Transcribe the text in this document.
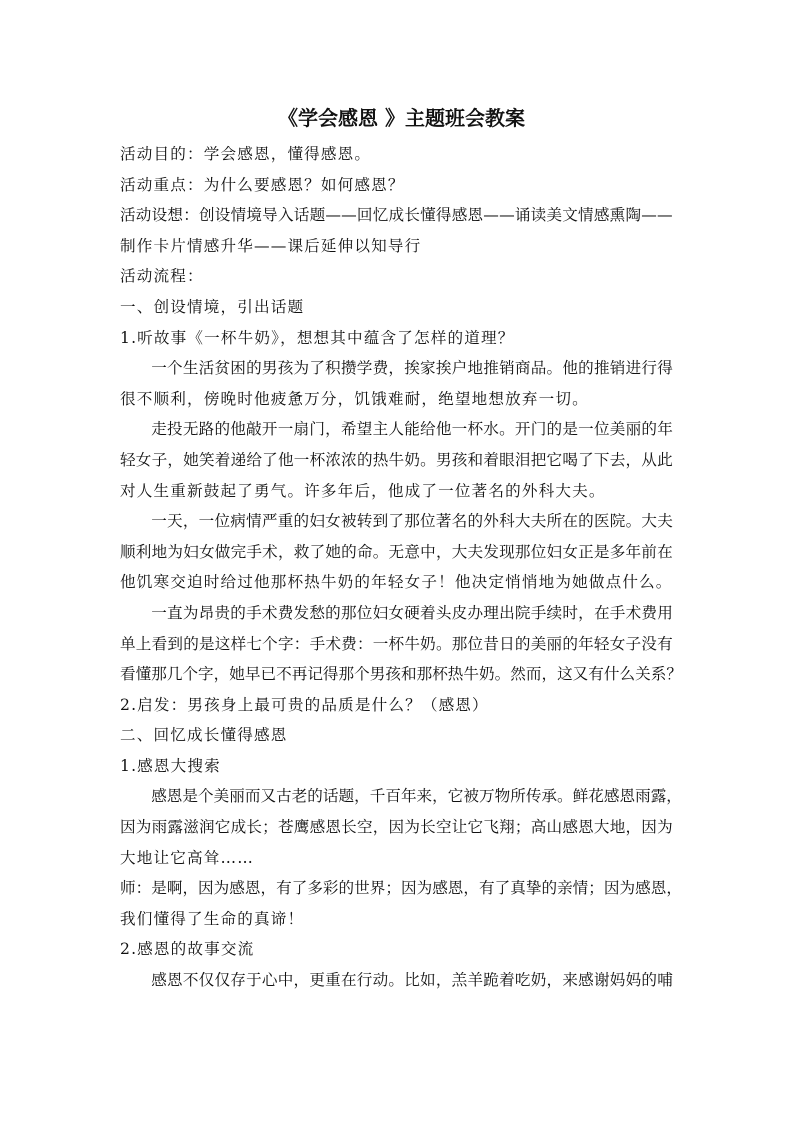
《学会感恩 》主题班会教案
活动目的：学会感恩，懂得感恩。
活动重点：为什么要感恩？如何感恩？
活 动 设 想 ： 创 设 情 境 导 入 话 题 — — 回 忆 成 长 懂 得 感 恩 — — 诵 读 美 文 情 感 熏 陶 — —
制作卡片情感升华——课后延伸以知导行
活动流程：
一、创设情境，引出话题
1.听故事《一杯牛奶》，想想其中蕴含了怎样的道理？
一 个 生 活 贫 困 的 男 孩 为 了 积 攒 学 费 ， 挨 家 挨 户 地 推 销 商 品 。 他 的 推 销 进 行 得
很不顺利，傍晚时他疲惫万分，饥饿难耐，绝望地想放弃一切。
走 投 无 路 的 他 敲 开 一 扇 门 ， 希 望 主 人 能 给 他 一 杯 水 。 开 门 的 是 一 位 美 丽 的 年
轻 女 子 ， 她 笑 着 递 给 了 他 一 杯 浓 浓 的 热 牛 奶 。 男 孩 和 着 眼 泪 把 它 喝 了 下 去 ， 从 此
对人生重新鼓起了勇气。许多年后，他成了一位著名的外科大夫。
一 天 ， 一 位 病 情 严 重 的 妇 女 被 转 到 了 那 位 著 名 的 外 科 大 夫 所 在 的 医 院 。 大 夫
顺 利 地 为 妇 女 做 完 手 术 ， 救 了 她 的 命 。 无 意 中 ， 大 夫 发 现 那 位 妇 女 正 是 多 年 前 在
他饥寒交迫时给过他那杯热牛奶的年轻女子！他决定悄悄地为她做点什么。
一 直 为 昂 贵 的 手 术 费 发 愁 的 那 位 妇 女 硬 着 头 皮 办 理 出 院 手 续 时 ， 在 手 术 费 用
单 上 看 到 的 是 这 样 七 个 字 ： 手 术 费 ： 一 杯 牛 奶 。 那 位 昔 日 的 美 丽 的 年 轻 女 子 没 有
看 懂 那 几 个 字 ， 她 早 已 不 再 记 得 那 个 男 孩 和 那 杯 热 牛 奶 。 然 而 ， 这 又 有 什 么 关 系 ？
2.启发：男孩身上最可贵的品质是什么？（感恩）
二、回忆成长懂得感恩
1.感恩大搜索
感 恩 是 个 美 丽 而 又 古 老 的 话 题 ， 千 百 年 来 ， 它 被 万 物 所 传 承 。 鲜 花 感 恩 雨 露 ，
因 为 雨 露 滋 润 它 成 长 ； 苍 鹰 感 恩 长 空 ， 因 为 长 空 让 它 飞 翔 ； 高 山 感 恩 大 地 ， 因 为
大地让它高耸……
师 ： 是 啊 ， 因 为 感 恩 ， 有 了 多 彩 的 世 界 ； 因 为 感 恩 ， 有 了 真 挚 的 亲 情 ； 因 为 感 恩 ，
我们懂得了生命的真谛！
2.感恩的故事交流
感 恩 不 仅 仅 存 于 心 中 ， 更 重 在 行 动 。 比 如 ， 羔 羊 跪 着 吃 奶 ， 来 感 谢 妈 妈 的 哺
